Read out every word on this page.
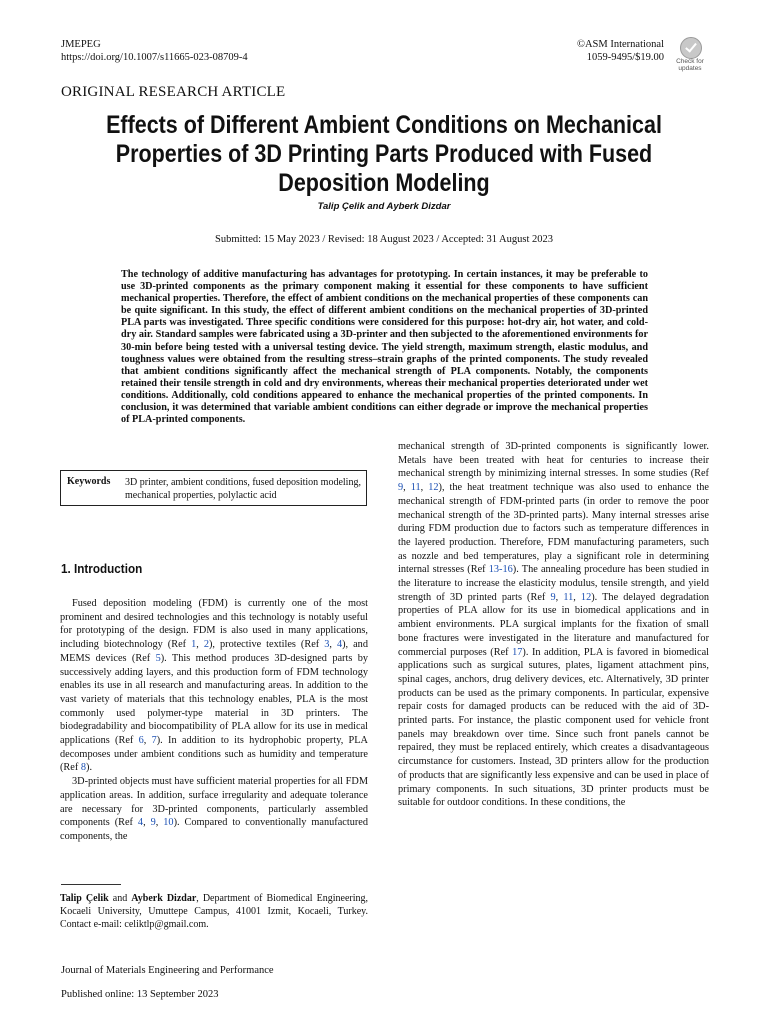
JMEPEG
https://doi.org/10.1007/s11665-023-08709-4
©ASM International
1059-9495/$19.00	Check for updates
ORIGINAL RESEARCH ARTICLE
Effects of Different Ambient Conditions on Mechanical Properties of 3D Printing Parts Produced with Fused Deposition Modeling
Talip Çelik and Ayberk Dizdar
Submitted: 15 May 2023 / Revised: 18 August 2023 / Accepted: 31 August 2023
The technology of additive manufacturing has advantages for prototyping. In certain instances, it may be preferable to use 3D-printed components as the primary component making it essential for these components to have sufficient mechanical properties. Therefore, the effect of ambient conditions on the mechanical properties of these components can be quite significant. In this study, the effect of different ambient conditions on the mechanical properties of 3D-printed PLA parts was investigated. Three specific conditions were considered for this purpose: hot-dry air, hot water, and cold-dry air. Standard samples were fabricated using a 3D-printer and then subjected to the aforementioned environments for 30-min before being tested with a universal testing device. The yield strength, maximum strength, elastic modulus, and toughness values were obtained from the resulting stress–strain graphs of the printed components. The study revealed that ambient conditions significantly affect the mechanical strength of PLA components. Notably, the components retained their tensile strength in cold and dry environments, whereas their mechanical properties deteriorated under wet conditions. Additionally, cold conditions appeared to enhance the mechanical properties of the printed components. In conclusion, it was determined that variable ambient conditions can either degrade or improve the mechanical properties of PLA-printed components.
Keywords 3D printer, ambient conditions, fused deposition modeling, mechanical properties, polylactic acid
1. Introduction

Fused deposition modeling (FDM) is currently one of the most prominent and desired technologies and this technology is notably useful for prototyping of the design. FDM is also used in many applications, including biotechnology (Ref 1, 2), protective textiles (Ref 3, 4), and MEMS devices (Ref 5). This method produces 3D-designed parts by successively adding layers, and this production form of FDM technology enables its use in all research and manufacturing areas. In addition to the vast variety of materials that this technology enables, PLA is the most commonly used polymer-type material in 3D printers. The biodegradability and biocompatibility of PLA allow for its use in medical applications (Ref 6, 7). In addition to its hydrophobic property, PLA decomposes under ambient conditions such as humidity and temperature (Ref 8).

3D-printed objects must have sufficient material properties for all FDM application areas. In addition, surface irregularity and adequate tolerance are necessary for 3D-printed components, particularly assembled components (Ref 4, 9, 10). Compared to conventionally manufactured components, the

mechanical strength of 3D-printed components is significantly lower. Metals have been treated with heat for centuries to increase their mechanical strength by minimizing internal stresses. In some studies (Ref 9, 11, 12), the heat treatment technique was also used to enhance the mechanical strength of FDM-printed parts (in order to remove the poor mechanical strength of the 3D-printed parts). Many internal stresses arise during FDM production due to factors such as temperature differences in the layered production. Therefore, FDM manufacturing parameters, such as nozzle and bed temperatures, play a significant role in determining internal stresses (Ref 13-16). The annealing procedure has been studied in the literature to increase the elasticity modulus, tensile strength, and yield strength of 3D printed parts (Ref 9, 11, 12). The delayed degradation properties of PLA allow for its use in biomedical applications and in ambient environments. PLA surgical implants for the fixation of small bone fractures were investigated in the literature and manufactured for commercial purposes (Ref 17). In addition, PLA is favored in biomedical applications such as surgical sutures, plates, ligament attachment pins, spinal cages, anchors, drug delivery devices, etc. Alternatively, 3D printer products can be used as the primary components. In particular, expensive repair costs for damaged products can be reduced with the aid of 3D-printed parts. For instance, the plastic component used for vehicle front panels may breakdown over time. Since such front panels cannot be repaired, they must be replaced entirely, which creates a disadvantageous circumstance for customers. Instead, 3D printers allow for the production of products that are significantly less expensive and can be used in place of primary components. In such situations, 3D printer products must be suitable for outdoor conditions. In these conditions, the

Talip Çelik and Ayberk Dizdar, Department of Biomedical Engineering, Kocaeli University, Umuttepe Campus, 41001 Izmit, Kocaeli, Turkey. Contact e-mail: celiktlp@gmail.com.
Journal of Materials Engineering and Performance
Published online: 13 September 2023
